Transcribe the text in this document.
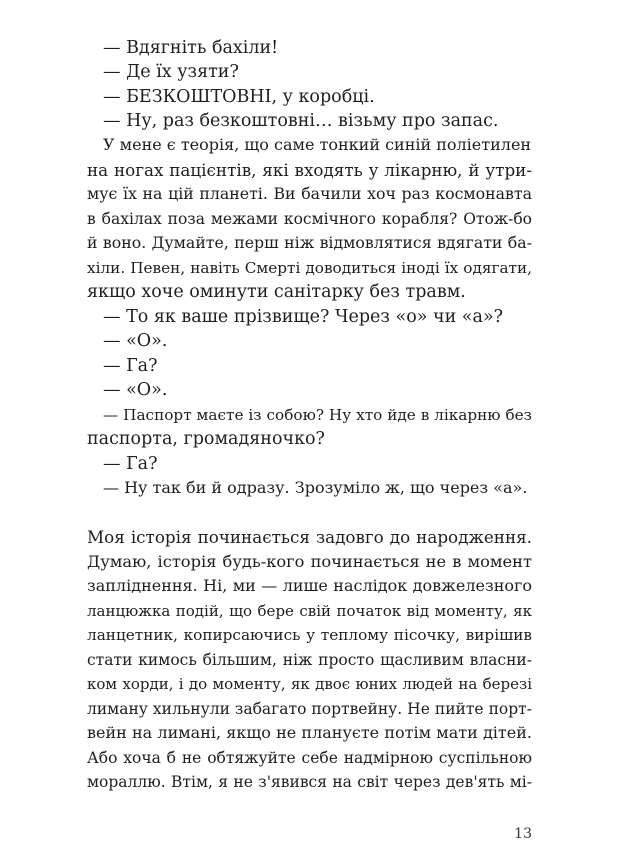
— Вдягніть бахіли!
— Де їх узяти?
— БЕЗКОШТОВНІ, у коробці.
— Ну, раз безкоштовні… візьму про запас.
У мене є теорія, що саме тонкий синій поліетилен
на ногах пацієнтів, які входять у лікарню, й утри-
мує їх на цій планеті. Ви бачили хоч раз космонавта
в бахілах поза межами космічного корабля? Отож-бо
й воно. Думайте, перш ніж відмовлятися вдягати ба-
хіли. Певен, навіть Смерті доводиться іноді їх одягати,
якщо хоче оминути санітарку без травм.
— То як ваше прізвище? Через «о» чи «а»?
— «О».
— Га?
— «О».
— Паспорт маєте із собою? Ну хто йде в лікарню без
паспорта, громадяночко?
— Га?
— Ну так би й одразу. Зрозуміло ж, що через «а».
Моя історія починається задовго до народження.
Думаю, історія будь-кого починається не в момент
запліднення. Ні, ми — лише наслідок довжелезного
ланцюжка подій, що бере свій початок від моменту, як
ланцетник, копирсаючись у теплому пісочку, вирішив
стати кимось більшим, ніж просто щасливим власни-
ком хорди, і до моменту, як двоє юних людей на березі
лиману хильнули забагато портвейну. Не пийте порт-
вейн на лимані, якщо не плануєте потім мати дітей.
Або хоча б не обтяжуйте себе надмірною суспільною
мораллю. Втім, я не з'явився на світ через дев'ять мі-
13
